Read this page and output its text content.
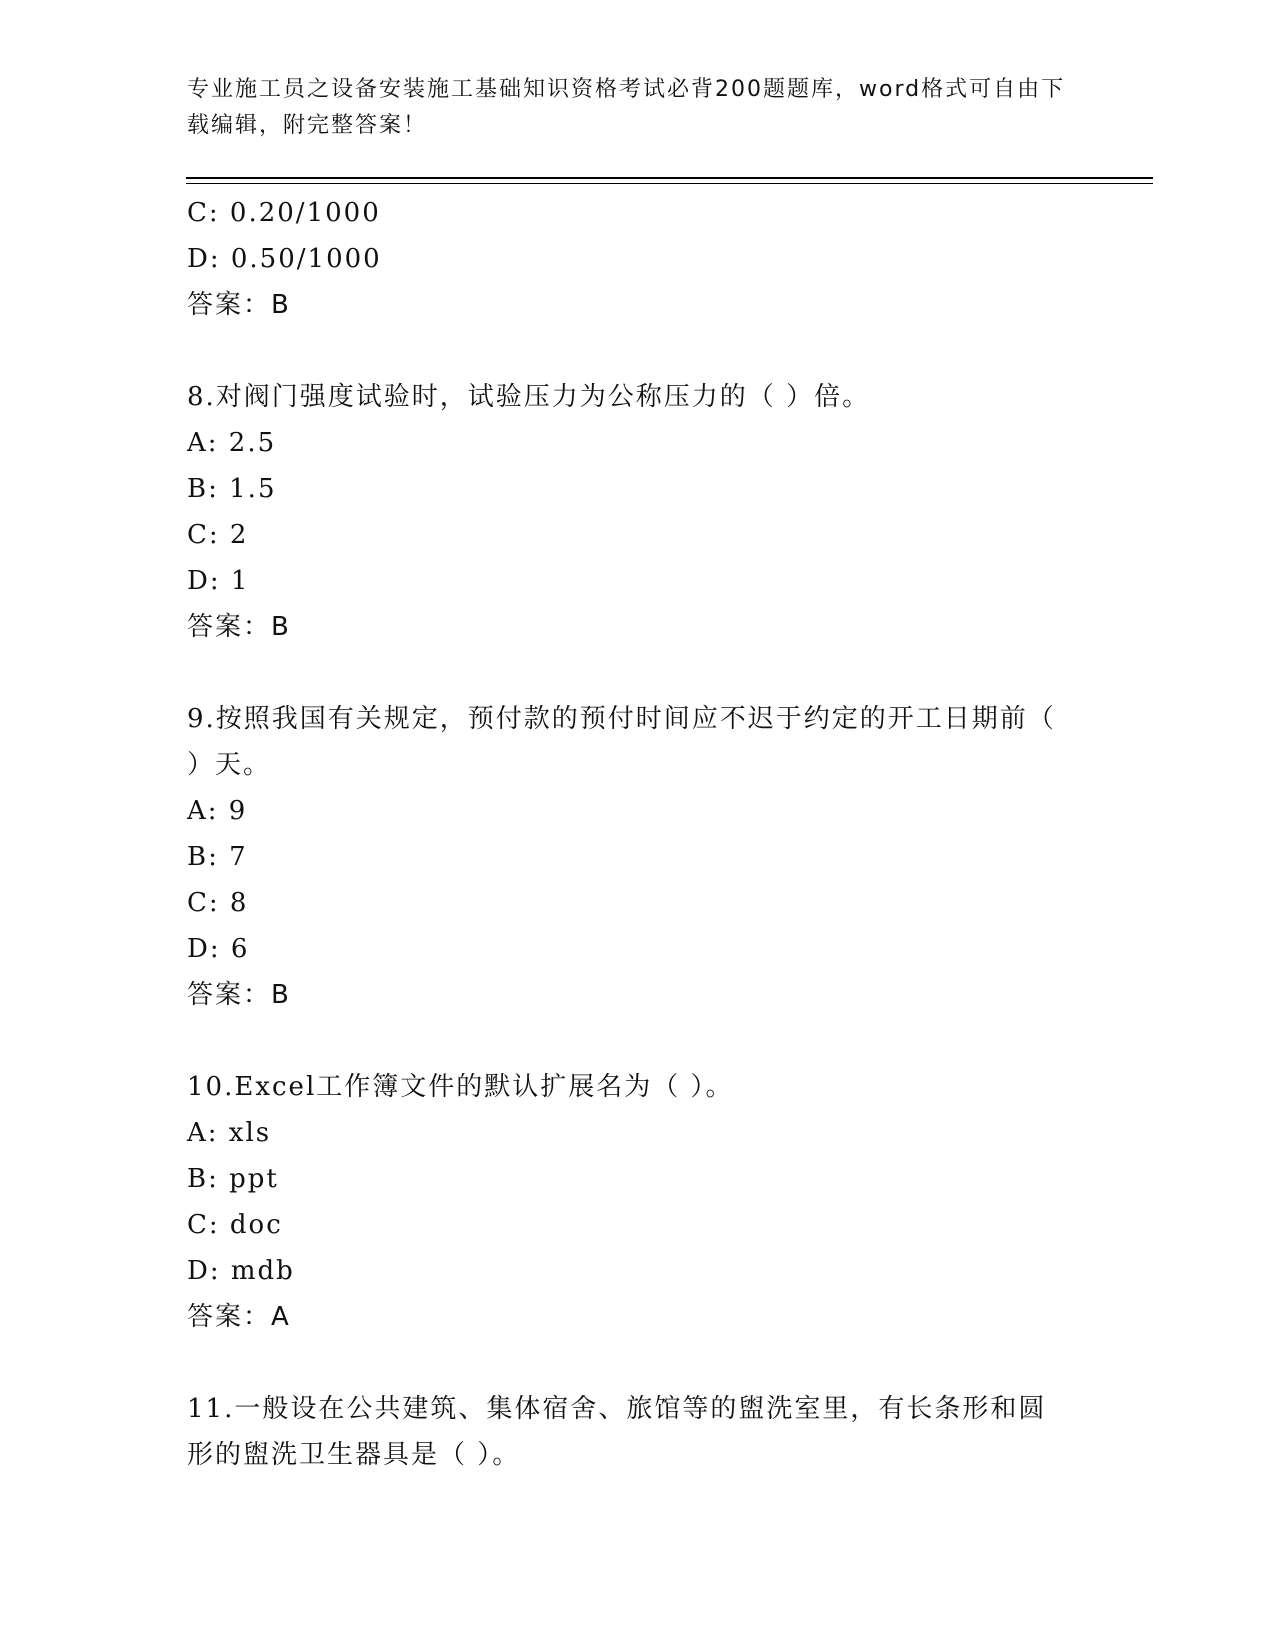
专业施工员之设备安装施工基础知识资格考试必背200题题库，word格式可自由下载编辑，附完整答案！
C: 0.20/1000
D: 0.50/1000
答案：B
8.对阀门强度试验时，试验压力为公称压力的（ ）倍。
A: 2.5
B: 1.5
C: 2
D: 1
答案：B
9.按照我国有关规定，预付款的预付时间应不迟于约定的开工日期前（ ）天。
A: 9
B: 7
C: 8
D: 6
答案：B
10.Excel工作簿文件的默认扩展名为（ ）。
A: xls
B: ppt
C: doc
D: mdb
答案：A
11.一般设在公共建筑、集体宿舍、旅馆等的盥洗室里，有长条形和圆形的盥洗卫生器具是（ ）。
